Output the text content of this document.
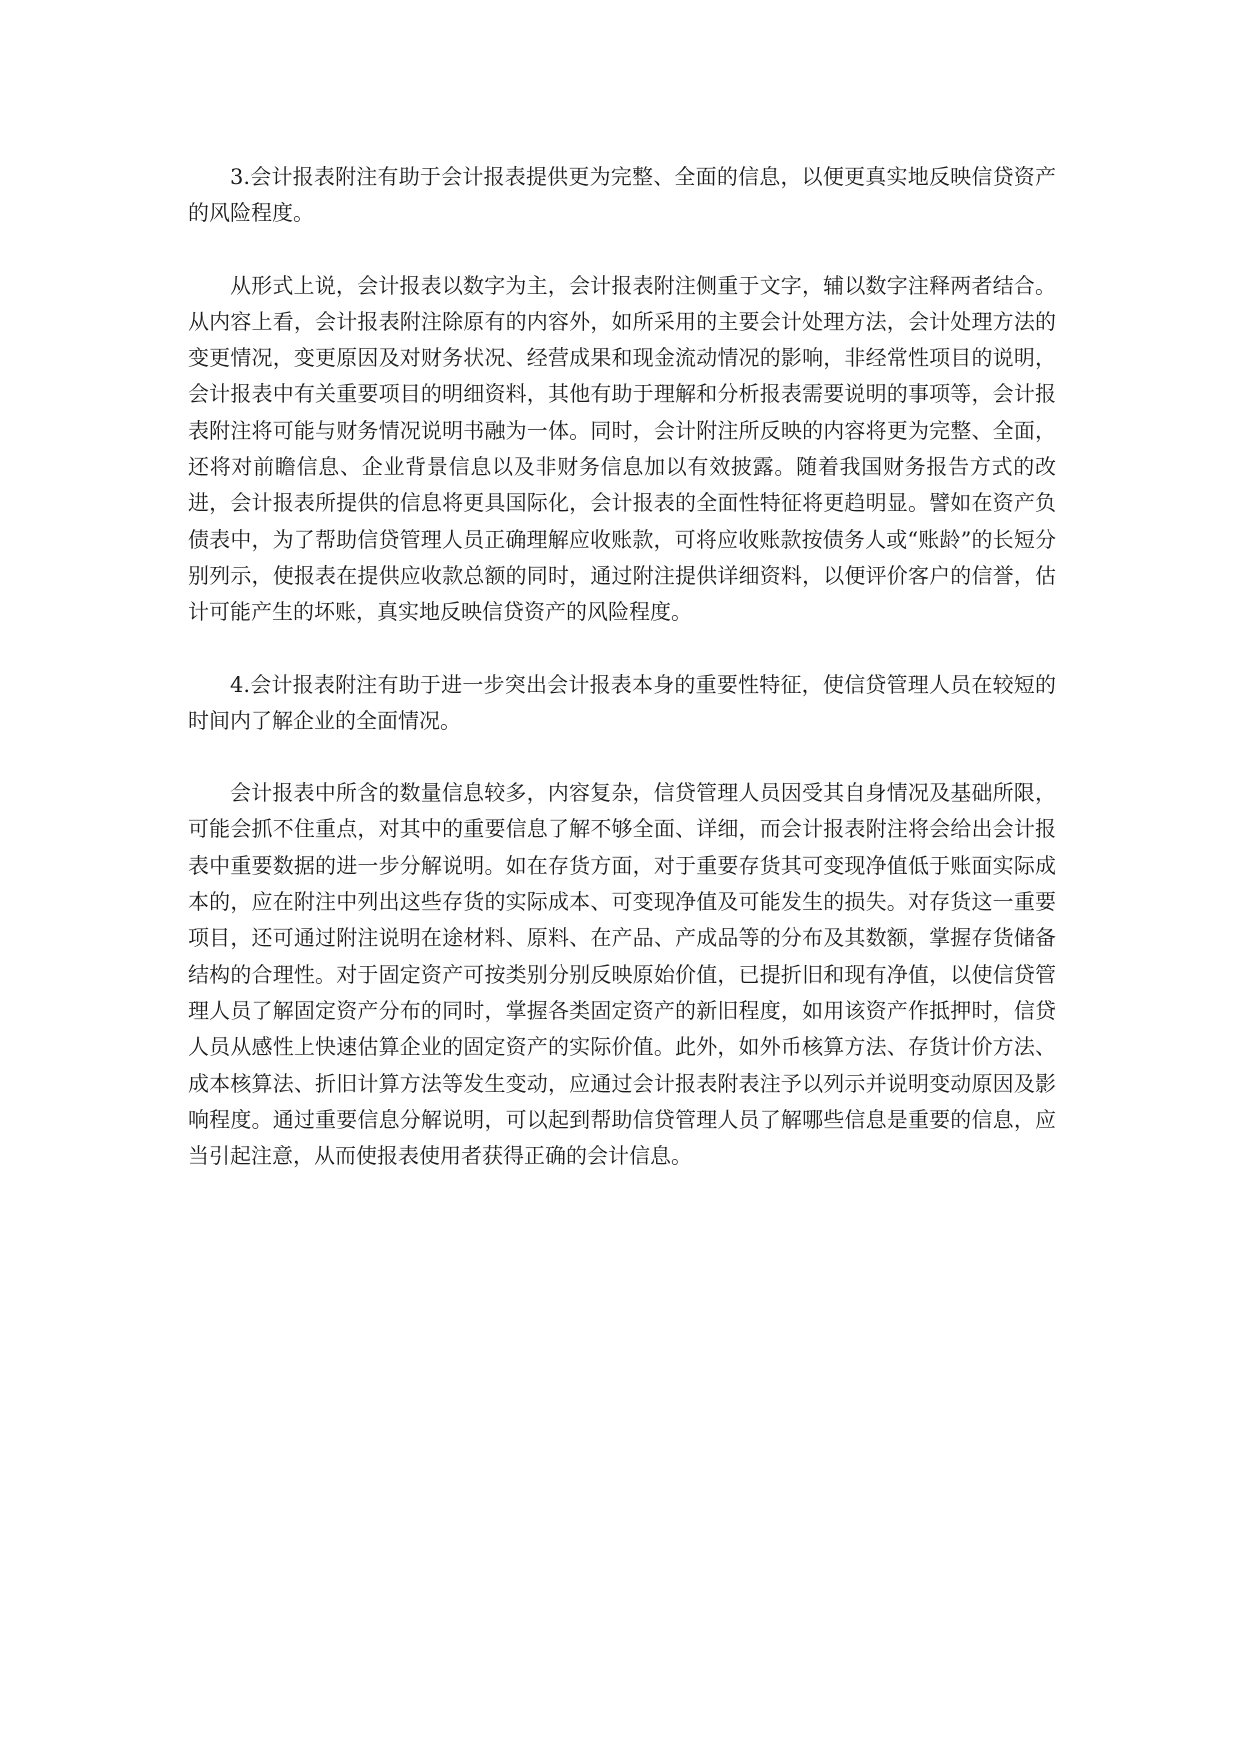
3.会计报表附注有助于会计报表提供更为完整、全面的信息，以便更真实地反映信贷资产的风险程度。

从形式上说，会计报表以数字为主，会计报表附注侧重于文字，辅以数字注释两者结合。从内容上看，会计报表附注除原有的内容外，如所采用的主要会计处理方法，会计处理方法的变更情况，变更原因及对财务状况、经营成果和现金流动情况的影响，非经常性项目的说明，会计报表中有关重要项目的明细资料，其他有助于理解和分析报表需要说明的事项等，会计报表附注将可能与财务情况说明书融为一体。同时，会计附注所反映的内容将更为完整、全面，还将对前瞻信息、企业背景信息以及非财务信息加以有效披露。随着我国财务报告方式的改进，会计报表所提供的信息将更具国际化，会计报表的全面性特征将更趋明显。譬如在资产负债表中，为了帮助信贷管理人员正确理解应收账款，可将应收账款按债务人或“账龄”的长短分别列示，使报表在提供应收款总额的同时，通过附注提供详细资料，以便评价客户的信誉，估计可能产生的坏账，真实地反映信贷资产的风险程度。

4.会计报表附注有助于进一步突出会计报表本身的重要性特征，使信贷管理人员在较短的时间内了解企业的全面情况。

会计报表中所含的数量信息较多，内容复杂，信贷管理人员因受其自身情况及基础所限，可能会抓不住重点，对其中的重要信息了解不够全面、详细，而会计报表附注将会给出会计报表中重要数据的进一步分解说明。如在存货方面，对于重要存货其可变现净值低于账面实际成本的，应在附注中列出这些存货的实际成本、可变现净值及可能发生的损失。对存货这一重要项目，还可通过附注说明在途材料、原料、在产品、产成品等的分布及其数额，掌握存货储备结构的合理性。对于固定资产可按类别分别反映原始价值，已提折旧和现有净值，以使信贷管理人员了解固定资产分布的同时，掌握各类固定资产的新旧程度，如用该资产作抵押时，信贷人员从感性上快速估算企业的固定资产的实际价值。此外，如外币核算方法、存货计价方法、成本核算法、折旧计算方法等发生变动，应通过会计报表附表注予以列示并说明变动原因及影响程度。通过重要信息分解说明，可以起到帮助信贷管理人员了解哪些信息是重要的信息，应当引起注意，从而使报表使用者获得正确的会计信息。
